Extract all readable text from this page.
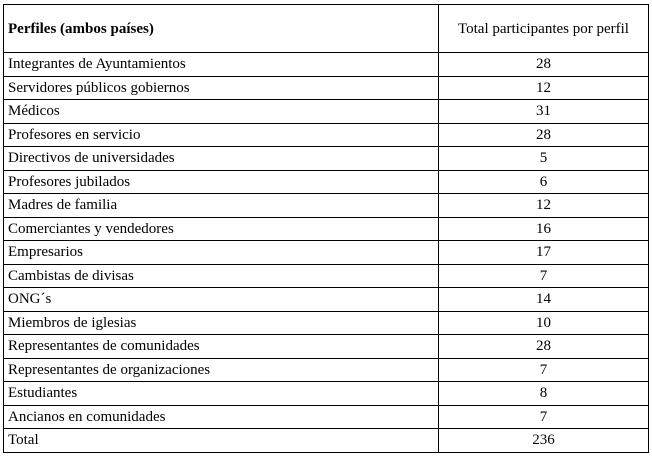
Perfiles (ambos países)	Total participantes por perfil
Integrantes de Ayuntamientos	28
Servidores públicos gobiernos	12
Médicos	31
Profesores en servicio	28
Directivos de universidades	5
Profesores jubilados	6
Madres de familia	12
Comerciantes y vendedores	16
Empresarios	17
Cambistas de divisas	7
ONG´s	14
Miembros de iglesias	10
Representantes de comunidades	28
Representantes de organizaciones	7
Estudiantes	8
Ancianos en comunidades	7
Total	236
